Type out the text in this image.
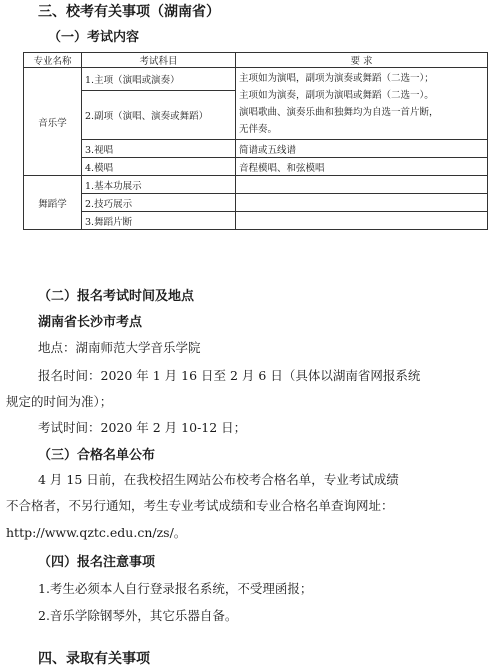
三、校考有关事项（湖南省）
（一）考试内容
专业名称	考试科目	要 求
音乐学	1.主项（演唱或演奏）	主项如为演唱，副项为演奏或舞蹈（二选一）；
主项如为演奏，副项为演唱或舞蹈（二选一）。
演唱歌曲、演奏乐曲和独舞均为自选一首片断，
无伴奏。

	2.副项（演唱、演奏或舞蹈）	
	3.视唱	简谱或五线谱
	4.模唱	音程模唱、和弦模唱
舞蹈学	1.基本功展示	
	2.技巧展示	
	3.舞蹈片断	
（二）报名考试时间及地点
湖南省长沙市考点
地点：湖南师范大学音乐学院
报名时间：2020 年 1 月 16 日至 2 月 6 日（具体以湖南省网报系统
规定的时间为准）；
考试时间：2020 年 2 月 10-12 日；
（三）合格名单公布
4 月 15 日前，在我校招生网站公布校考合格名单，专业考试成绩
不合格者，不另行通知，考生专业考试成绩和专业合格名单查询网址：
http://www.qztc.edu.cn/zs/。
（四）报名注意事项
1.考生必须本人自行登录报名系统，不受理函报；
2.音乐学除钢琴外，其它乐器自备。
四、录取有关事项
